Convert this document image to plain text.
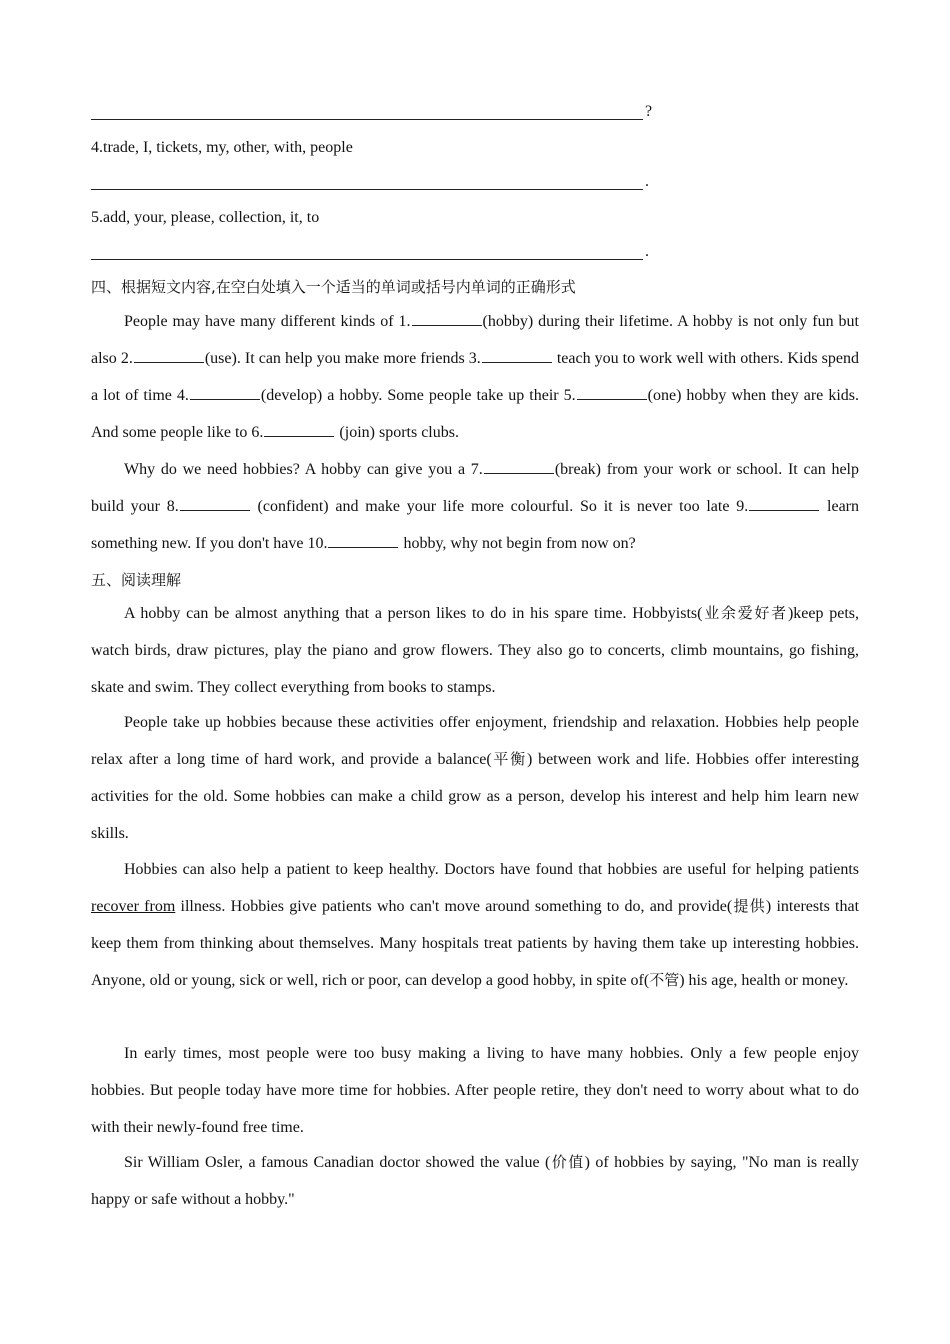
?
4.trade, I, tickets, my, other, with, people
.
5.add, your, please, collection, it, to
.
四、根据短文内容,在空白处填入一个适当的单词或括号内单词的正确形式

People may have many different kinds of 1.	(hobby) during their lifetime. A hobby is not only fun but also 2.	(use). It can help you make more friends 3.	teach you to work well with others. Kids spend a lot of time 4.	(develop) a hobby. Some people take up their 5.	(one) hobby when they are kids. And some people like to 6.	(join) sports clubs.

Why do we need hobbies? A hobby can give you a 7.	(break) from your work or school. It can help build your 8.	(confident) and make your life more colourful. So it is never too late 9.	learn something new. If you don't have 10.	hobby, why not begin from now on?

五、阅读理解

A hobby can be almost anything that a person likes to do in his spare time. Hobbyists(业余爱好者)keep pets, watch birds, draw pictures, play the piano and grow flowers. They also go to concerts, climb mountains, go fishing, skate and swim. They collect everything from books to stamps.

People take up hobbies because these activities offer enjoyment, friendship and relaxation. Hobbies help people relax after a long time of hard work, and provide a balance(平衡) between work and life. Hobbies offer interesting activities for the old. Some hobbies can make a child grow as a person, develop his interest and help him learn new skills.

Hobbies can also help a patient to keep healthy. Doctors have found that hobbies are useful for helping patients recover from illness. Hobbies give patients who can't move around something to do, and provide(提供) interests that keep them from thinking about themselves. Many hospitals treat patients by having them take up interesting hobbies. Anyone, old or young, sick or well, rich or poor, can develop a good hobby, in spite of(不管) his age, health or money.

In early times, most people were too busy making a living to have many hobbies. Only a few people enjoy hobbies. But people today have more time for hobbies. After people retire, they don't need to worry about what to do with their newly-found free time.

Sir William Osler, a famous Canadian doctor showed the value (价值) of hobbies by saying, "No man is really happy or safe without a hobby."
